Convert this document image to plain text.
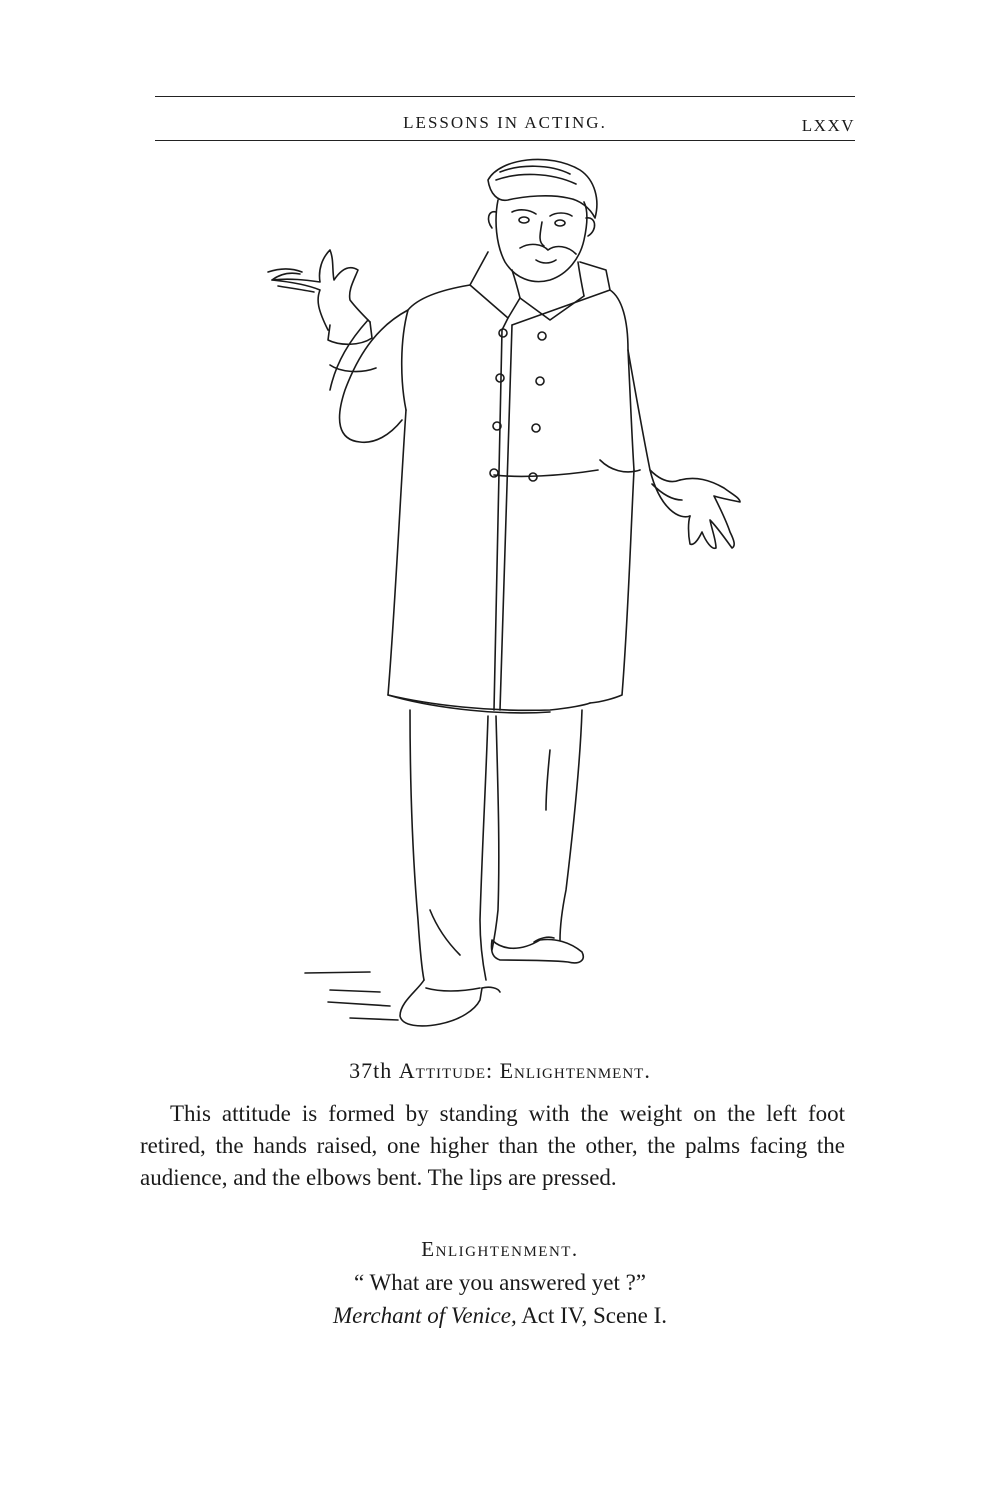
LESSONS IN ACTING.	LXXV
37th Attitude: Enlightenment.

This attitude is formed by standing with the weight on the left foot retired, the hands raised, one higher than the other, the palms facing the audience, and the elbows bent. The lips are pressed.

Enlightenment.
“ What are you answered yet ?”
Merchant of Venice, Act IV, Scene I.
